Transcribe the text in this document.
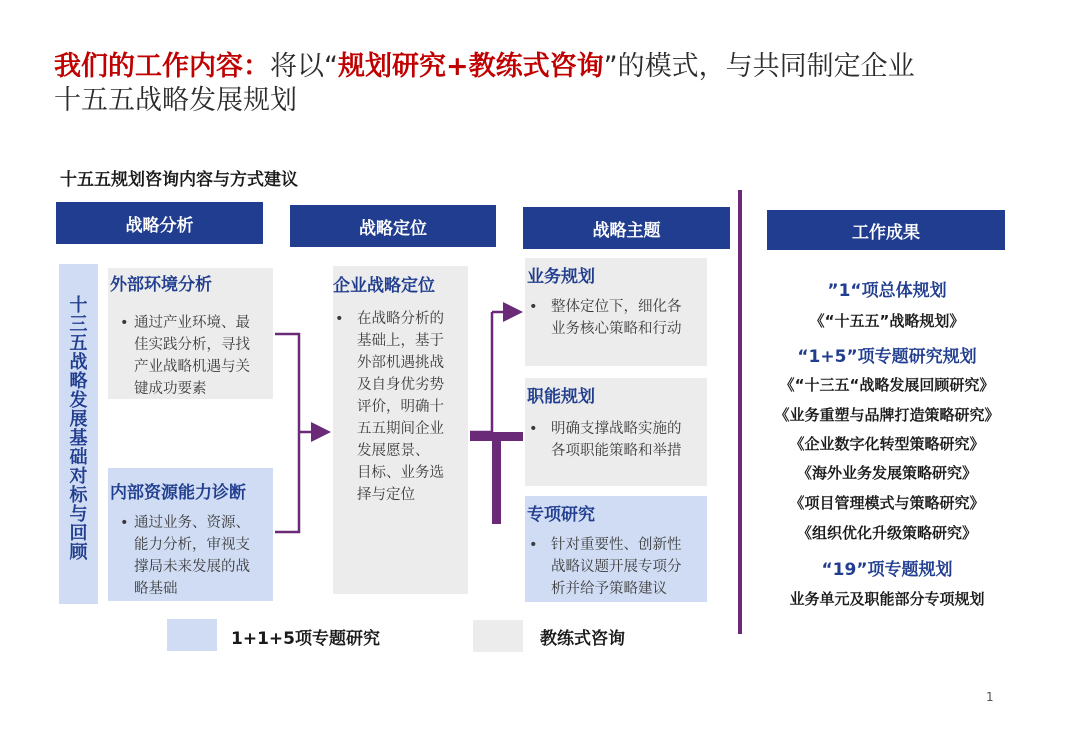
我们的工作内容：将以“规划研究+教练式咨询”的模式，与共同制定企业
十五五战略发展规划
十五五规划咨询内容与方式建议
战略分析	战略定位	战略主题	工作成果
十
三
五
战
略
发
展
基
础
对
标
与
回
顾
外部环境分析
• 通过产业环境、最
佳实践分析，寻找
产业战略机遇与关
键成功要素
内部资源能力诊断
• 通过业务、资源、
能力分析，审视支
撑局未来发展的战
略基础
企业战略定位
• 在战略分析的
基础上，基于
外部机遇挑战
及自身优劣势
评价，明确十
五五期间企业
发展愿景、
目标、业务选
择与定位
业务规划
• 整体定位下，细化各
业务核心策略和行动
职能规划
• 明确支撑战略实施的
各项职能策略和举措
专项研究
• 针对重要性、创新性
战略议题开展专项分
析并给予策略建议
”1“项总体规划
《“十五五”战略规划》
“1+5”项专题研究规划
《“十三五“战略发展回顾研究》
《业务重塑与品牌打造策略研究》
《企业数字化转型策略研究》
《海外业务发展策略研究》
《项目管理模式与策略研究》
《组织优化升级策略研究》
“19”项专题规划
业务单元及职能部分专项规划
1+1+5项专题研究	教练式咨询
1
